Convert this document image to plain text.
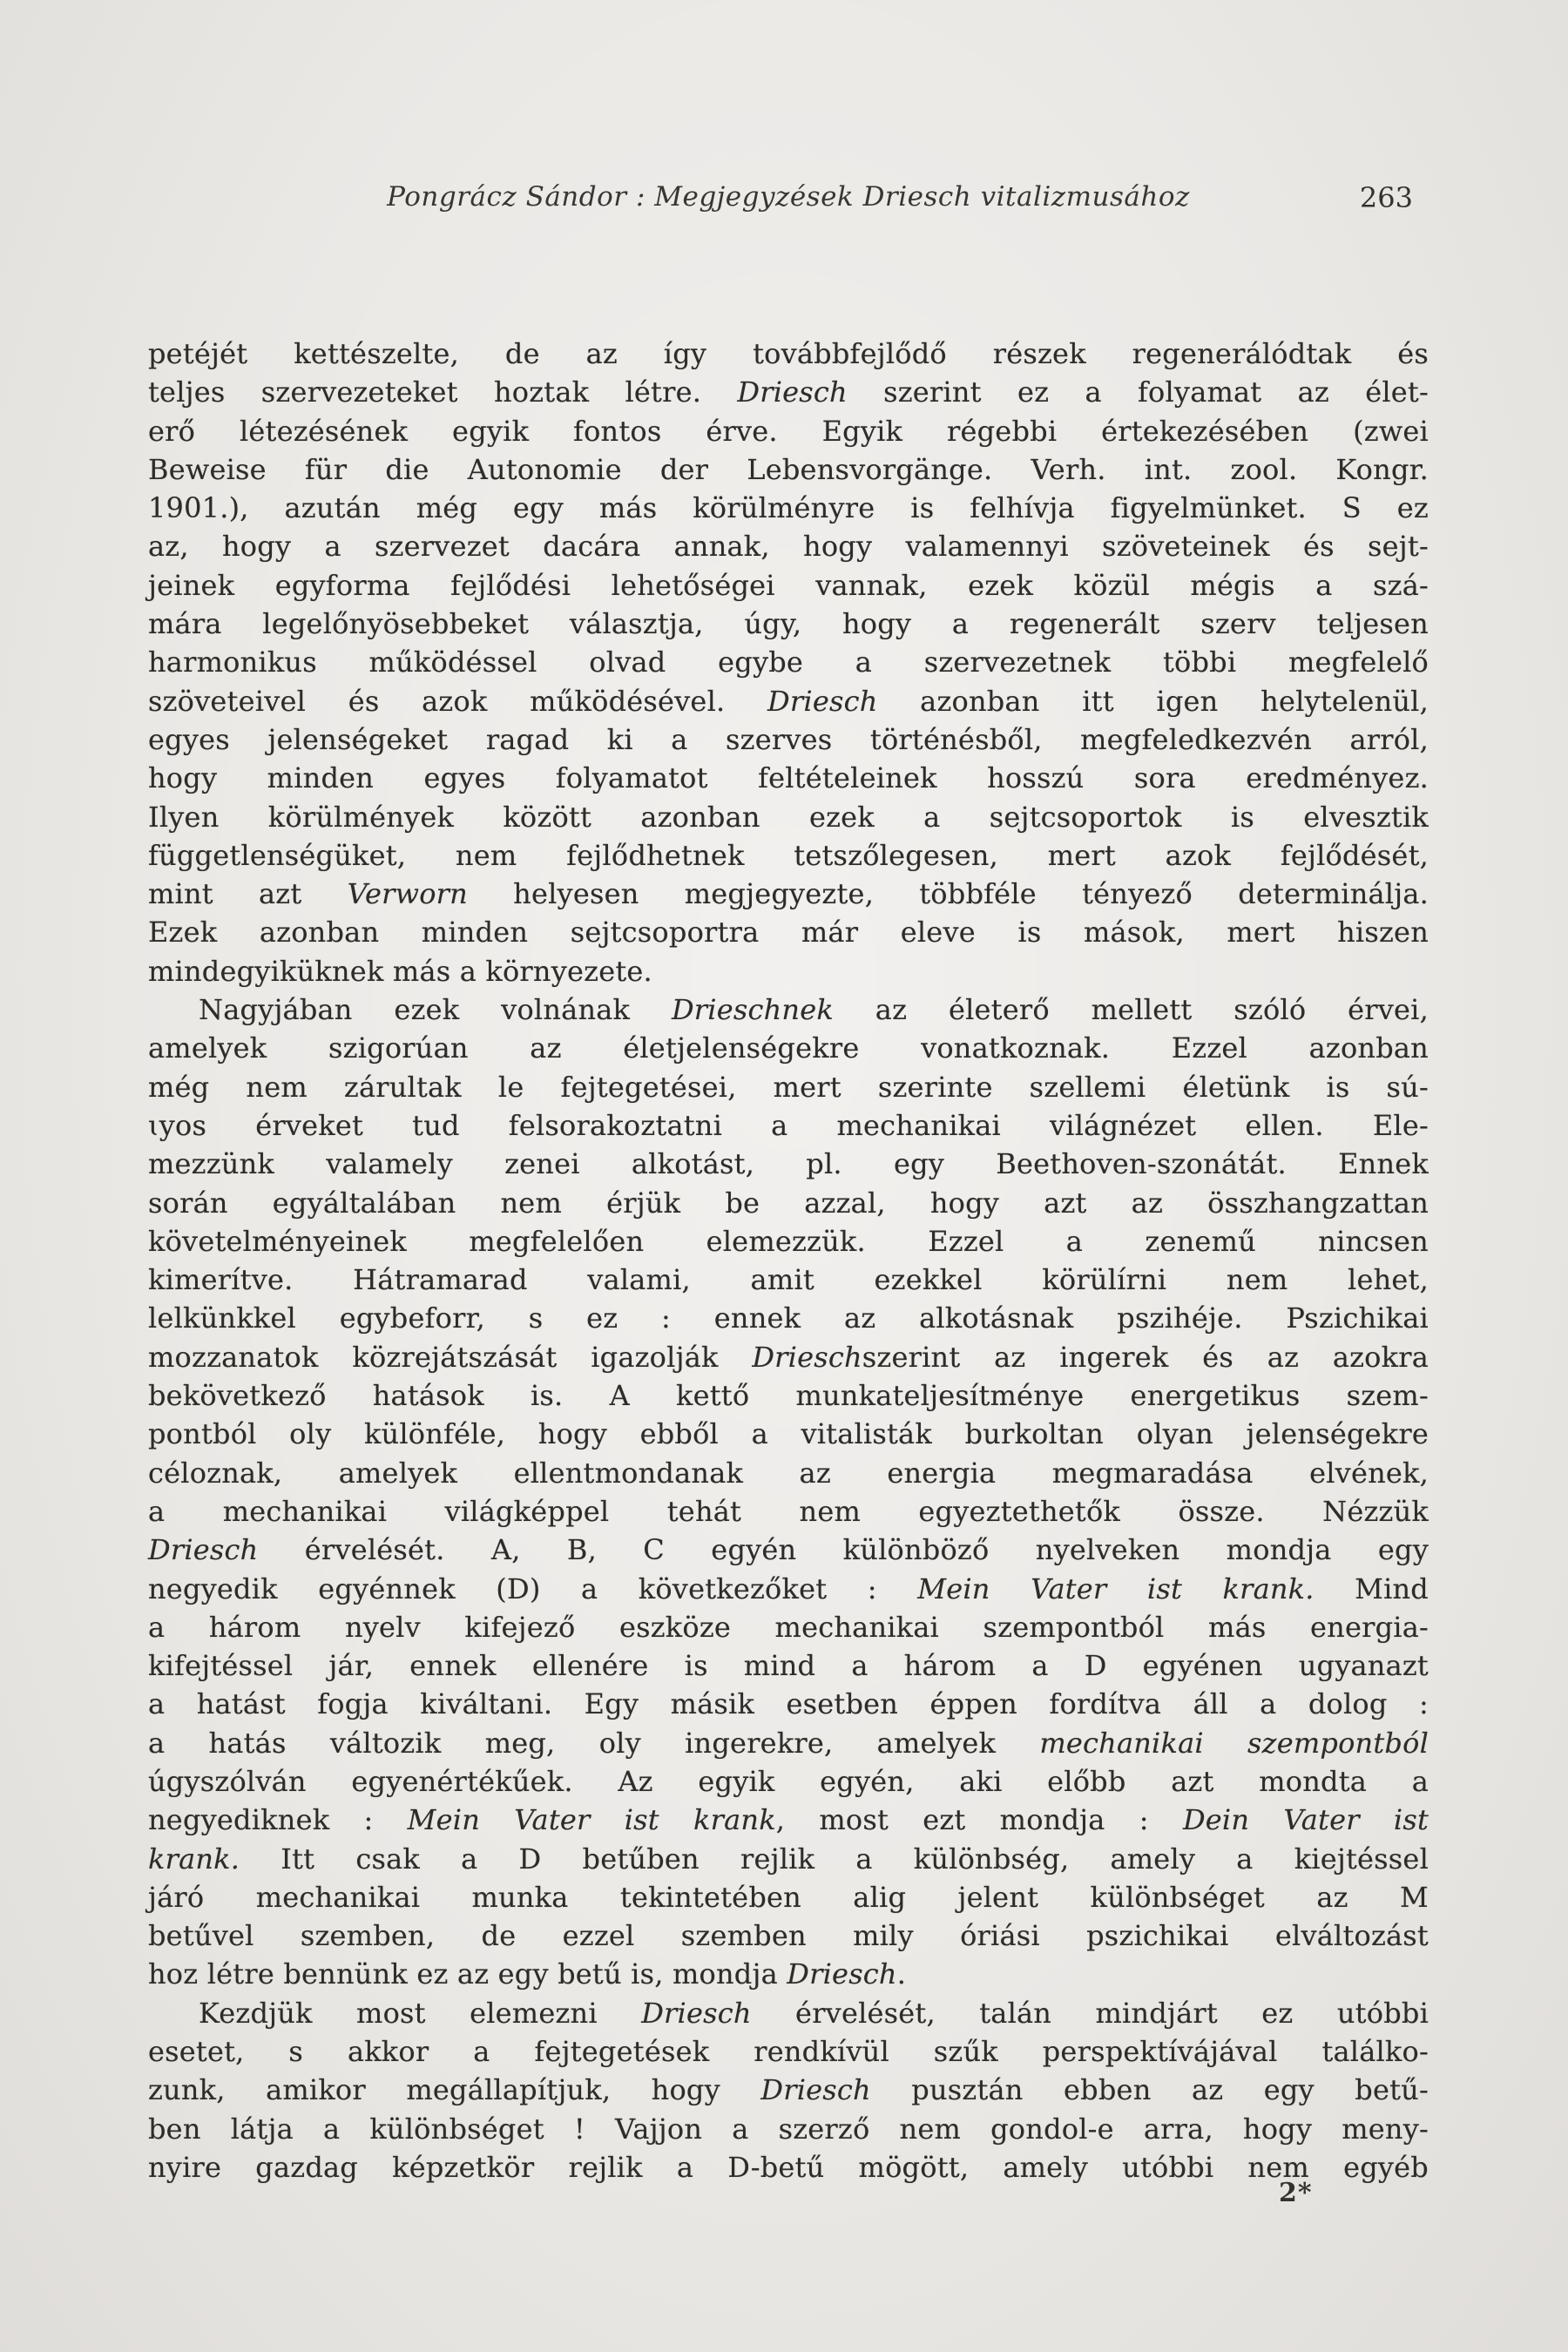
Pongrácz Sándor : Megjegyzések Driesch vitalizmusához	263
petéjét kettészelte, de az így továbbfejlődő részek regenerálódtak és
teljes szervezeteket hoztak létre. Driesch szerint ez a folyamat az élet-
erő létezésének egyik fontos érve. Egyik régebbi értekezésében (zwei
Beweise für die Autonomie der Lebensvorgänge. Verh. int. zool. Kongr.
1901.), azután még egy más körülményre is felhívja figyelmünket. S ez
az, hogy a szervezet dacára annak, hogy valamennyi szöveteinek és sejt-
jeinek egyforma fejlődési lehetőségei vannak, ezek közül mégis a szá-
mára legelőnyösebbeket választja, úgy, hogy a regenerált szerv teljesen
harmonikus működéssel olvad egybe a szervezetnek többi megfelelő
szöveteivel és azok működésével. Driesch azonban itt igen helytelenül,
egyes jelenségeket ragad ki a szerves történésből, megfeledkezvén arról,
hogy minden egyes folyamatot feltételeinek hosszú sora eredményez.
Ilyen körülmények között azonban ezek a sejtcsoportok is elvesztik
függetlenségüket, nem fejlődhetnek tetszőlegesen, mert azok fejlődését,
mint azt Verworn helyesen megjegyezte, többféle tényező determinálja.
Ezek azonban minden sejtcsoportra már eleve is mások, mert hiszen
mindegyiküknek más a környezete.
Nagyjában ezek volnának Drieschnek az életerő mellett szóló érvei,
amelyek szigorúan az életjelenségekre vonatkoznak. Ezzel azonban
még nem zárultak le fejtegetései, mert szerinte szellemi életünk is sú-
ɩyos érveket tud felsorakoztatni a mechanikai világnézet ellen. Ele-
mezzünk valamely zenei alkotást, pl. egy Beethoven-szonátát. Ennek
során egyáltalában nem érjük be azzal, hogy azt az összhangzattan
követelményeinek megfelelően elemezzük. Ezzel a zenemű nincsen
kimerítve. Hátramarad valami, amit ezekkel körülírni nem lehet,
lelkünkkel egybeforr, s ez : ennek az alkotásnak pszihéje. Pszichikai
mozzanatok közrejátszását igazolják Drieschszerint az ingerek és az azokra
bekövetkező hatások is. A kettő munkateljesítménye energetikus szem-
pontból oly különféle, hogy ebből a vitalisták burkoltan olyan jelenségekre
céloznak, amelyek ellentmondanak az energia megmaradása elvének,
a mechanikai világképpel tehát nem egyeztethetők össze. Nézzük
Driesch érvelését. A, B, C egyén különböző nyelveken mondja egy
negyedik egyénnek (D) a következőket : Mein Vater ist krank. Mind
a három nyelv kifejező eszköze mechanikai szempontból más energia-
kifejtéssel jár, ennek ellenére is mind a három a D egyénen ugyanazt
a hatást fogja kiváltani. Egy másik esetben éppen fordítva áll a dolog :
a hatás változik meg, oly ingerekre, amelyek mechanikai szempontból
úgyszólván egyenértékűek. Az egyik egyén, aki előbb azt mondta a
negyediknek : Mein Vater ist krank, most ezt mondja : Dein Vater ist
krank. Itt csak a D betűben rejlik a különbség, amely a kiejtéssel
járó mechanikai munka tekintetében alig jelent különbséget az M
betűvel szemben, de ezzel szemben mily óriási pszichikai elváltozást
hoz létre bennünk ez az egy betű is, mondja Driesch.
Kezdjük most elemezni Driesch érvelését, talán mindjárt ez utóbbi
esetet, s akkor a fejtegetések rendkívül szűk perspektívájával találko-
zunk, amikor megállapítjuk, hogy Driesch pusztán ebben az egy betű-
ben látja a különbséget ! Vajjon a szerző nem gondol-e arra, hogy meny-
nyire gazdag képzetkör rejlik a D-betű mögött, amely utóbbi nem egyéb
2*
